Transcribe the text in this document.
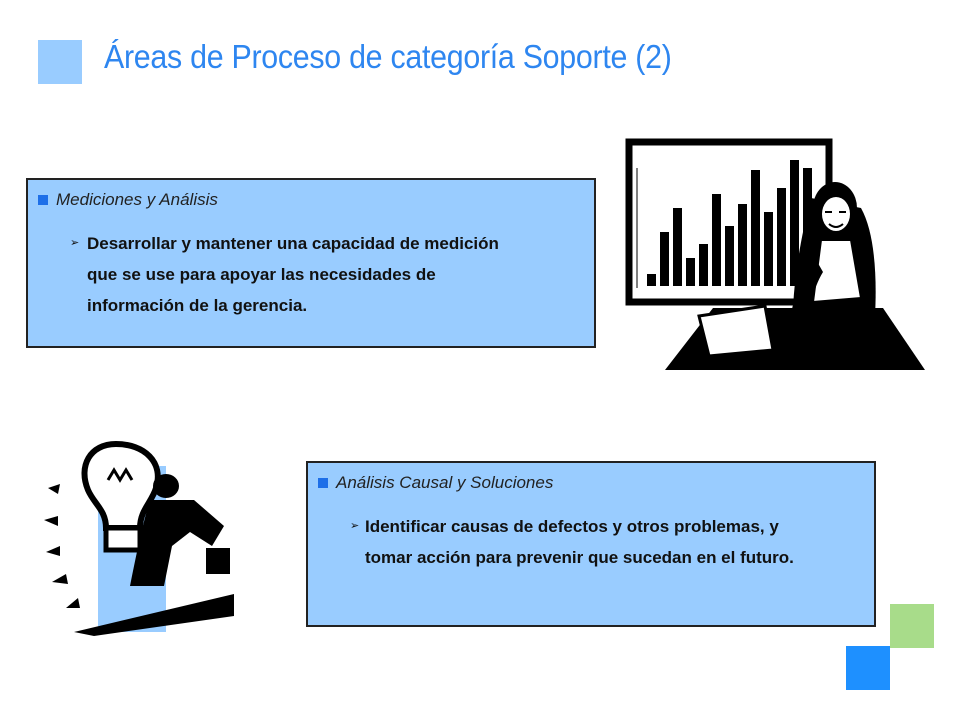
Áreas de Proceso de categoría Soporte (2)
Mediciones y Análisis
➢ Desarrollar y mantener una capacidad de medición
que se use para apoyar las necesidades de
información de la gerencia.
Análisis Causal y Soluciones
➢ Identificar causas de defectos y otros problemas, y
tomar acción para prevenir que sucedan en el futuro.
